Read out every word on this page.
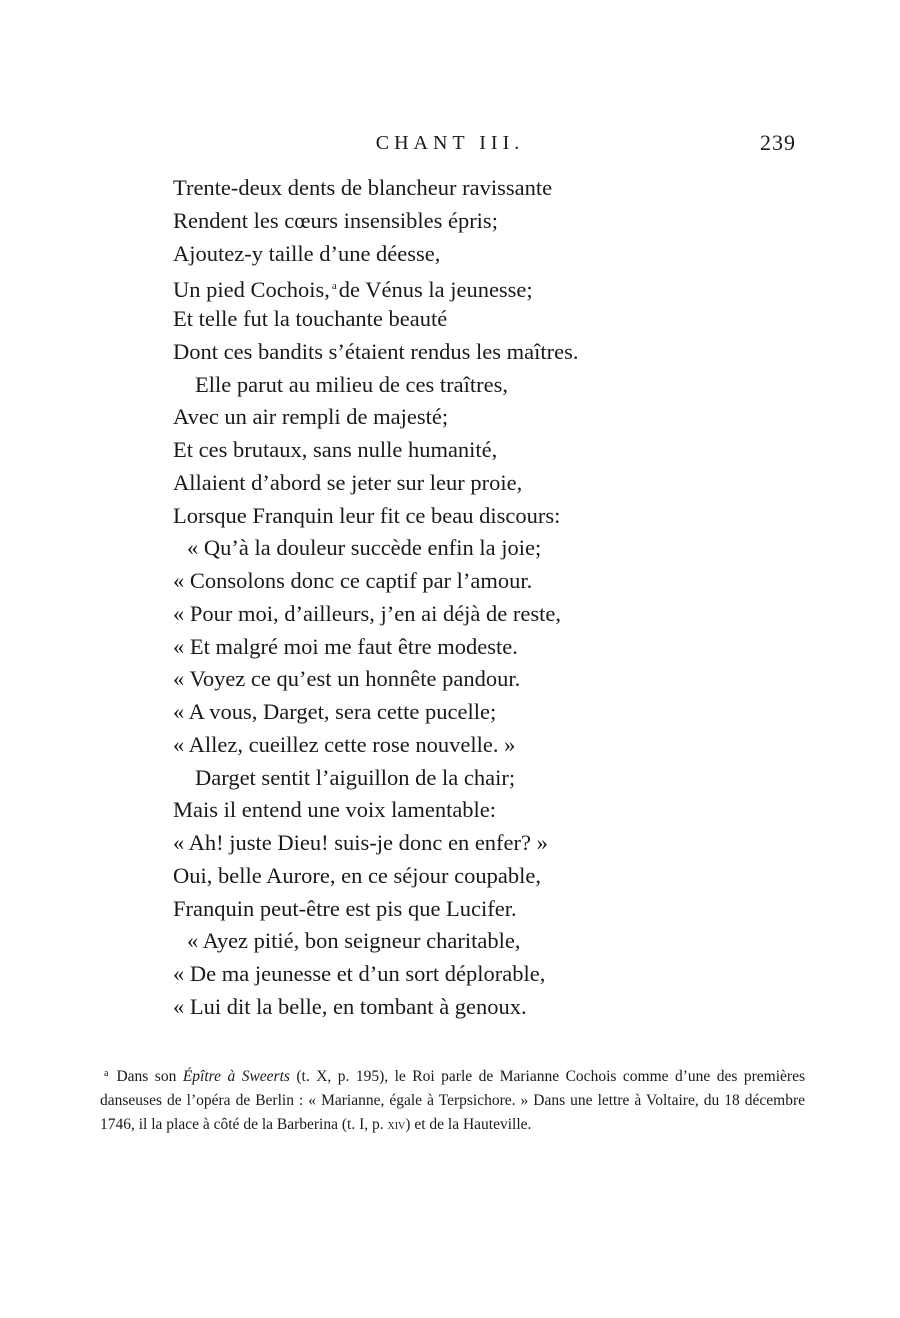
CHANT III.	239
Trente-deux dents de blancheur ravissante
Rendent les cœurs insensibles épris;
Ajoutez-y taille d’une déesse,
Un pied Cochois, $^a$de Vénus la jeunesse;
Et telle fut la touchante beauté
Dont ces bandits s’étaient rendus les maîtres.
Elle parut au milieu de ces traîtres,
Avec un air rempli de majesté;
Et ces brutaux, sans nulle humanité,
Allaient d’abord se jeter sur leur proie,
Lorsque Franquin leur fit ce beau discours:
« Qu’à la douleur succède enfin la joie;
« Consolons donc ce captif par l’amour.
« Pour moi, d’ailleurs, j’en ai déjà de reste,
« Et malgré moi me faut être modeste.
« Voyez ce qu’est un honnête pandour.
« A vous, Darget, sera cette pucelle;
« Allez, cueillez cette rose nouvelle. »
Darget sentit l’aiguillon de la chair;
Mais il entend une voix lamentable:
« Ah! juste Dieu! suis-je donc en enfer? »
Oui, belle Aurore, en ce séjour coupable,
Franquin peut-être est pis que Lucifer.
« Ayez pitié, bon seigneur charitable,
« De ma jeunesse et d’un sort déplorable,
« Lui dit la belle, en tombant à genoux.
$^a$ Dans son Épître à Sweerts (t. X, p. 195), le Roi parle de Marianne Cochois comme d’une des premières danseuses de l’opéra de Berlin : « Marianne, égale à Terpsichore. » Dans une lettre à Voltaire, du 18 décembre 1746, il la place à côté de la Barberina (t. I, p. xiv) et de la Hauteville.
